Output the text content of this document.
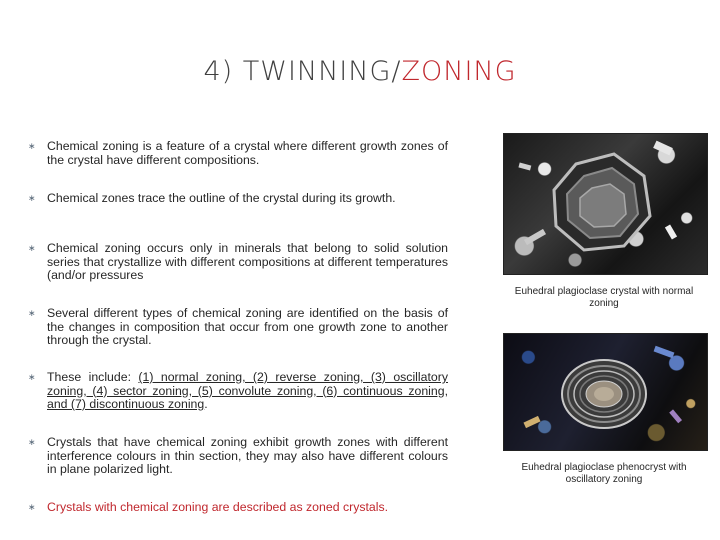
4) TWINNING/ZONING
∗ Chemical zoning is a feature of a crystal where different growth zones of the crystal have different compositions.
∗ Chemical zones trace the outline of the crystal during its growth.
∗ Chemical zoning occurs only in minerals that belong to solid solution series that crystallize with different compositions at different temperatures (and/or pressures
∗ Several different types of chemical zoning are identified on the basis of the changes in composition that occur from one growth zone to another through the crystal.
∗ These include: (1) normal zoning, (2) reverse zoning, (3) oscillatory zoning, (4) sector zoning, (5) convolute zoning, (6) continuous zoning, and (7) discontinuous zoning.
∗ Crystals that have chemical zoning exhibit growth zones with different interference colours in thin section, they may also have different colours in plane polarized light.
∗ Crystals with chemical zoning are described as zoned crystals.
Euhedral plagioclase crystal with normal zoning
Euhedral plagioclase phenocryst with oscillatory zoning
